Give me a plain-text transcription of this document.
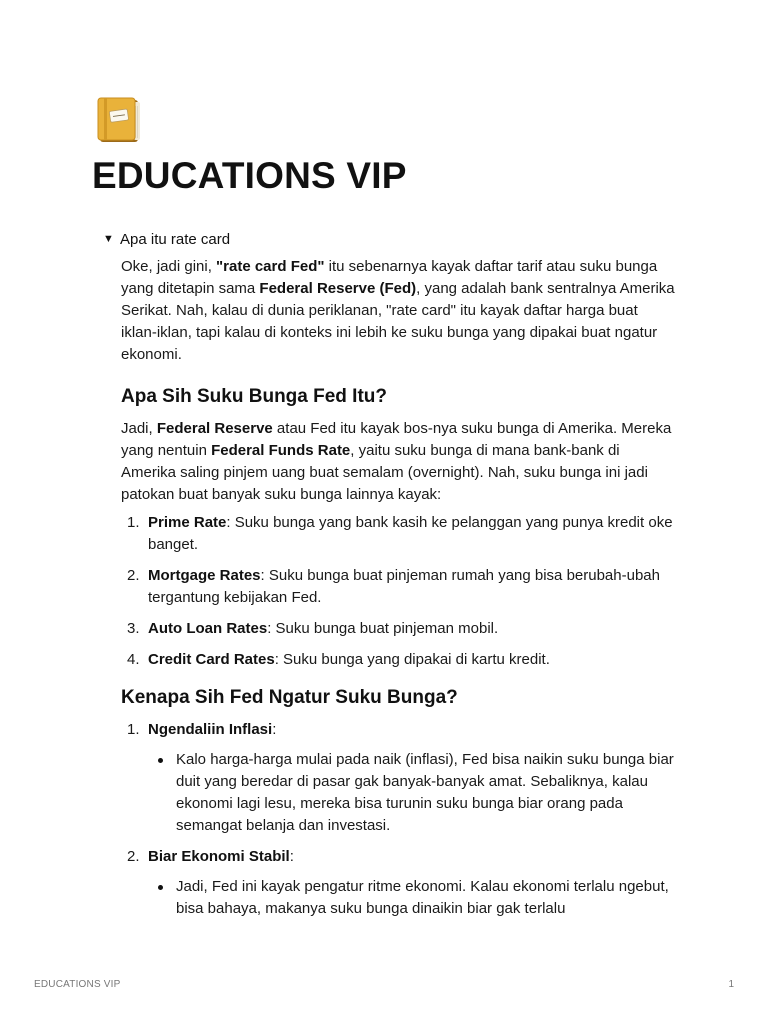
EDUCATIONS VIP
▼ Apa itu rate card

Oke, jadi gini, "rate card Fed" itu sebenarnya kayak daftar tarif atau suku bunga yang ditetapin sama Federal Reserve (Fed), yang adalah bank sentralnya Amerika Serikat. Nah, kalau di dunia periklanan, "rate card" itu kayak daftar harga buat iklan-iklan, tapi kalau di konteks ini lebih ke suku bunga yang dipakai buat ngatur ekonomi.

Apa Sih Suku Bunga Fed Itu?

Jadi, Federal Reserve atau Fed itu kayak bos-nya suku bunga di Amerika. Mereka yang nentuin Federal Funds Rate, yaitu suku bunga di mana bank-bank di Amerika saling pinjem uang buat semalam (overnight). Nah, suku bunga ini jadi patokan buat banyak suku bunga lainnya kayak:

1. Prime Rate: Suku bunga yang bank kasih ke pelanggan yang punya kredit oke banget.
2. Mortgage Rates: Suku bunga buat pinjeman rumah yang bisa berubah-ubah tergantung kebijakan Fed.
3. Auto Loan Rates: Suku bunga buat pinjeman mobil.
4. Credit Card Rates: Suku bunga yang dipakai di kartu kredit.
Kenapa Sih Fed Ngatur Suku Bunga?
1. Ngendaliin Inflasi:
Kalo harga-harga mulai pada naik (inflasi), Fed bisa naikin suku bunga biar duit yang beredar di pasar gak banyak-banyak amat. Sebaliknya, kalau ekonomi lagi lesu, mereka bisa turunin suku bunga biar orang pada semangat belanja dan investasi.
2. Biar Ekonomi Stabil:
Jadi, Fed ini kayak pengatur ritme ekonomi. Kalau ekonomi terlalu ngebut, bisa bahaya, makanya suku bunga dinaikin biar gak terlalu
EDUCATIONS VIP	1
